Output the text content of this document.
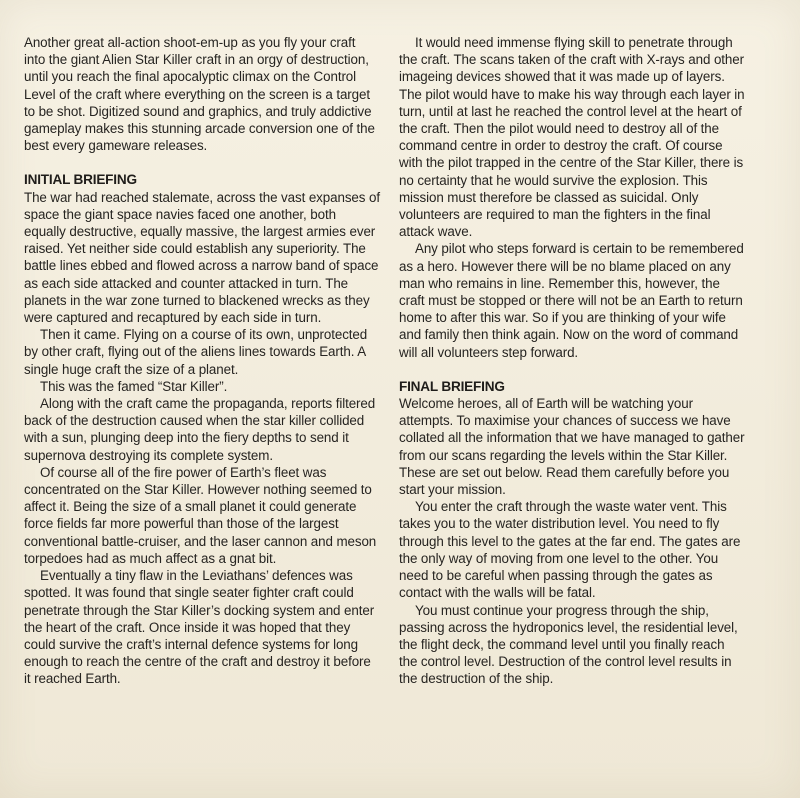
Another great all-action shoot-em-up as you fly your craft into the giant Alien Star Killer craft in an orgy of destruction, until you reach the final apocalyptic climax on the Control Level of the craft where everything on the screen is a target to be shot. Digitized sound and graphics, and truly addictive gameplay makes this stunning arcade conversion one of the best every gameware releases.

INITIAL BRIEFING

The war had reached stalemate, across the vast expanses of space the giant space navies faced one another, both equally destructive, equally massive, the largest armies ever raised. Yet neither side could establish any superiority. The battle lines ebbed and flowed across a narrow band of space as each side attacked and counter attacked in turn. The planets in the war zone turned to blackened wrecks as they were captured and recaptured by each side in turn.

Then it came. Flying on a course of its own, unprotected by other craft, flying out of the aliens lines towards Earth. A single huge craft the size of a planet.

This was the famed “Star Killer”.

Along with the craft came the propaganda, reports filtered back of the destruction caused when the star killer collided with a sun, plunging deep into the fiery depths to send it supernova destroying its complete system.

Of course all of the fire power of Earth’s fleet was concentrated on the Star Killer. However nothing seemed to affect it. Being the size of a small planet it could generate force fields far more powerful than those of the largest conventional battle-cruiser, and the laser cannon and meson torpedoes had as much affect as a gnat bit.

Eventually a tiny flaw in the Leviathans’ defences was spotted. It was found that single seater fighter craft could penetrate through the Star Killer’s docking system and enter the heart of the craft. Once inside it was hoped that they could survive the craft’s internal defence systems for long enough to reach the centre of the craft and destroy it before it reached Earth.

It would need immense flying skill to penetrate through the craft. The scans taken of the craft with X-rays and other imageing devices showed that it was made up of layers. The pilot would have to make his way through each layer in turn, until at last he reached the control level at the heart of the craft. Then the pilot would need to destroy all of the command centre in order to destroy the craft. Of course with the pilot trapped in the centre of the Star Killer, there is no certainty that he would survive the explosion. This mission must therefore be classed as suicidal. Only volunteers are required to man the fighters in the final attack wave.

Any pilot who steps forward is certain to be remembered as a hero. However there will be no blame placed on any man who remains in line. Remember this, however, the craft must be stopped or there will not be an Earth to return home to after this war. So if you are thinking of your wife and family then think again. Now on the word of command will all volunteers step forward.

FINAL BRIEFING

Welcome heroes, all of Earth will be watching your attempts. To maximise your chances of success we have collated all the information that we have managed to gather from our scans regarding the levels within the Star Killer. These are set out below. Read them carefully before you start your mission.

You enter the craft through the waste water vent. This takes you to the water distribution level. You need to fly through this level to the gates at the far end. The gates are the only way of moving from one level to the other. You need to be careful when passing through the gates as contact with the walls will be fatal.

You must continue your progress through the ship, passing across the hydroponics level, the residential level, the flight deck, the command level until you finally reach the control level. Destruction of the control level results in the destruction of the ship.
